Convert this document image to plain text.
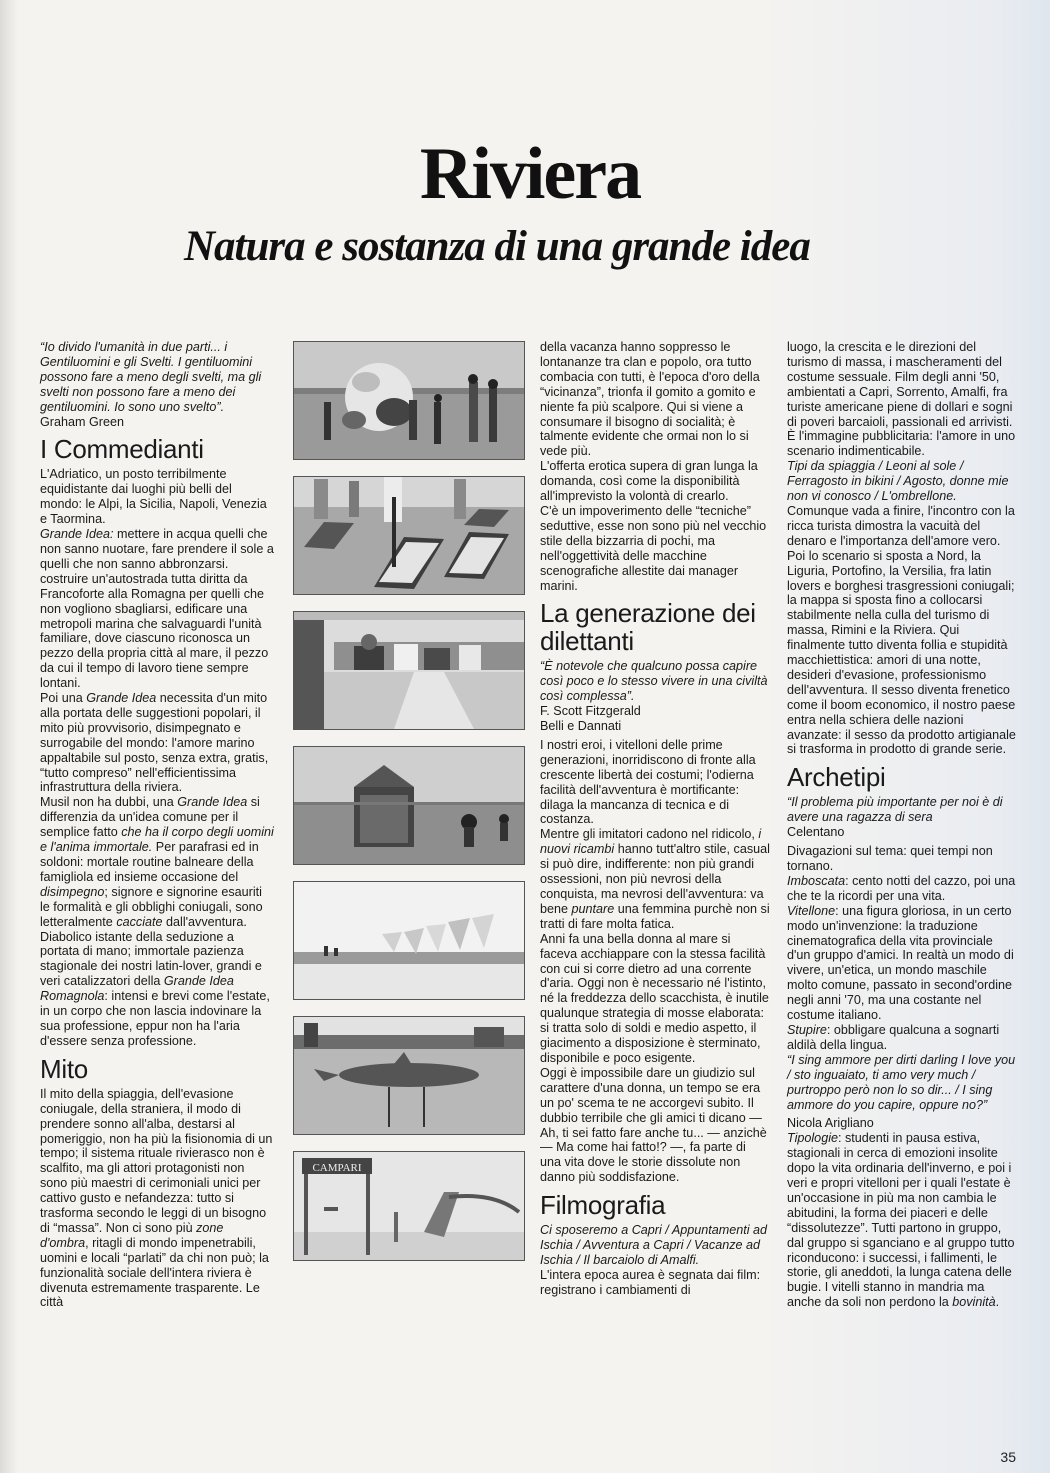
Riviera
Natura e sostanza di una grande idea

“Io divido l'umanità in due parti... i Gentiluomini e gli Svelti. I gentiluomini possono fare a meno degli svelti, ma gli svelti non possono fare a meno dei gentiluomini. Io sono uno svelto”.

Graham Green

I Commedianti

L'Adriatico, un posto terribilmente equidistante dai luoghi più belli del mondo: le Alpi, la Sicilia, Napoli, Venezia e Taormina.

Grande Idea: mettere in acqua quelli che non sanno nuotare, fare prendere il sole a quelli che non sanno abbronzarsi. costruire un'autostrada tutta diritta da Francoforte alla Romagna per quelli che non vogliono sbagliarsi, edificare una metropoli marina che salvaguardi l'unità familiare, dove ciascuno riconosca un pezzo della propria città al mare, il pezzo da cui il tempo di lavoro tiene sempre lontani.

Poi una Grande Idea necessita d'un mito alla portata delle suggestioni popolari, il mito più provvisorio, disimpegnato e surrogabile del mondo: l'amore marino appaltabile sul posto, senza extra, gratis, “tutto compreso” nell'efficientissima infrastruttura della riviera.

Musil non ha dubbi, una Grande Idea si differenzia da un'idea comune per il semplice fatto che ha il corpo degli uomini e l'anima immortale. Per parafrasi ed in soldoni: mortale routine balneare della famigliola ed insieme occasione del disimpegno; signore e signorine esauriti le formalità e gli obblighi coniugali, sono letteralmente cacciate dall'avventura. Diabolico istante della seduzione a portata di mano; immortale pazienza stagionale dei nostri latin-lover, grandi e veri catalizzatori della Grande Idea Romagnola: intensi e brevi come l'estate, in un corpo che non lascia indovinare la sua professione, eppur non ha l'aria d'essere senza professione.

Mito

Il mito della spiaggia, dell'evasione coniugale, della straniera, il modo di prendere sonno all'alba, destarsi al pomeriggio, non ha più la fisionomia di un tempo; il sistema rituale rivierasco non è scalfito, ma gli attori protagonisti non sono più maestri di cerimoniali unici per cattivo gusto e nefandezza: tutto si trasforma secondo le leggi di un bisogno di “massa”. Non ci sono più zone d'ombra, ritagli di mondo impenetrabili, uomini e locali “parlati” da chi non può; la funzionalità sociale dell'intera riviera è divenuta estremamente trasparente. Le città

CAMPARI

della vacanza hanno soppresso le lontananze tra clan e popolo, ora tutto combacia con tutti, è l'epoca d'oro della “vicinanza”, trionfa il gomito a gomito e niente fa più scalpore. Qui si viene a consumare il bisogno di socialità; è talmente evidente che ormai non lo si vede più.

L'offerta erotica supera di gran lunga la domanda, così come la disponibilità all'imprevisto la volontà di crearlo.

C'è un impoverimento delle “tecniche” seduttive, esse non sono più nel vecchio stile della bizzarria di pochi, ma nell'oggettività delle macchine scenografiche allestite dai manager marini.

La generazione dei dilettanti

“È notevole che qualcuno possa capire così poco e lo stesso vivere in una civiltà così complessa”.

F. Scott Fitzgerald

Belli e Dannati

I nostri eroi, i vitelloni delle prime generazioni, inorridiscono di fronte alla crescente libertà dei costumi; l'odierna facilità dell'avventura è mortificante: dilaga la mancanza di tecnica e di costanza.

Mentre gli imitatori cadono nel ridicolo, i nuovi ricambi hanno tutt'altro stile, casual si può dire, indifferente: non più grandi ossessioni, non più nevrosi della conquista, ma nevrosi dell'avventura: va bene puntare una femmina purchè non si tratti di fare molta fatica.

Anni fa una bella donna al mare si faceva acchiappare con la stessa facilità con cui si corre dietro ad una corrente d'aria. Oggi non è necessario né l'istinto, né la freddezza dello scacchista, è inutile qualunque strategia di mosse elaborata: si tratta solo di soldi e medio aspetto, il giacimento a disposizione è sterminato, disponibile e poco esigente.

Oggi è impossibile dare un giudizio sul carattere d'una donna, un tempo se era un po' scema te ne accorgevi subito. Il dubbio terribile che gli amici ti dicano — Ah, ti sei fatto fare anche tu... — anzichè — Ma come hai fatto!? —, fa parte di una vita dove le storie dissolute non danno più soddisfazione.

Filmografia

Ci sposeremo a Capri / Appuntamenti ad Ischia / Avventura a Capri / Vacanze ad Ischia / Il barcaiolo di Amalfi.

L'intera epoca aurea è segnata dai film: registrano i cambiamenti di

luogo, la crescita e le direzioni del turismo di massa, i mascheramenti del costume sessuale. Film degli anni '50, ambientati a Capri, Sorrento, Amalfi, fra turiste americane piene di dollari e sogni di poveri barcaioli, passionali ed arrivisti. È l'immagine pubblicitaria: l'amore in uno scenario indimenticabile.

Tipi da spiaggia / Leoni al sole / Ferragosto in bikini / Agosto, donne mie non vi conosco / L'ombrellone.

Comunque vada a finire, l'incontro con la ricca turista dimostra la vacuità del denaro e l'importanza dell'amore vero.

Poi lo scenario si sposta a Nord, la Liguria, Portofino, la Versilia, fra latin lovers e borghesi trasgressioni coniugali; la mappa si sposta fino a collocarsi stabilmente nella culla del turismo di massa, Rimini e la Riviera. Qui finalmente tutto diventa follia e stupidità macchiettistica: amori di una notte, desideri d'evasione, professionismo dell'avventura. Il sesso diventa frenetico come il boom economico, il nostro paese entra nella schiera delle nazioni avanzate: il sesso da prodotto artigianale si trasforma in prodotto di grande serie.

Archetipi

“Il problema più importante per noi è di avere una ragazza di sera

Celentano

Divagazioni sul tema: quei tempi non tornano.

Imboscata: cento notti del cazzo, poi una che te la ricordi per una vita.

Vitellone: una figura gloriosa, in un certo modo un'invenzione: la traduzione cinematografica della vita provinciale d'un gruppo d'amici. In realtà un modo di vivere, un'etica, un mondo maschile molto comune, passato in second'ordine negli anni '70, ma una costante nel costume italiano.

Stupire: obbligare qualcuna a sognarti aldilà della lingua.

“I sing ammore per dirti darling I love you / sto inguaiato, ti amo very much / purtroppo però non lo so dir... / I sing ammore do you capire, oppure no?”

Nicola Arigliano

Tipologie: studenti in pausa estiva, stagionali in cerca di emozioni insolite dopo la vita ordinaria dell'inverno, e poi i veri e propri vitelloni per i quali l'estate è un'occasione in più ma non cambia le abitudini, la forma dei piaceri e delle “dissolutezze”. Tutti partono in gruppo, dal gruppo si sganciano e al gruppo tutto riconducono: i successi, i fallimenti, le storie, gli aneddoti, la lunga catena delle bugie. I vitelli stanno in mandria ma anche da soli non perdono la bovinità.

35
